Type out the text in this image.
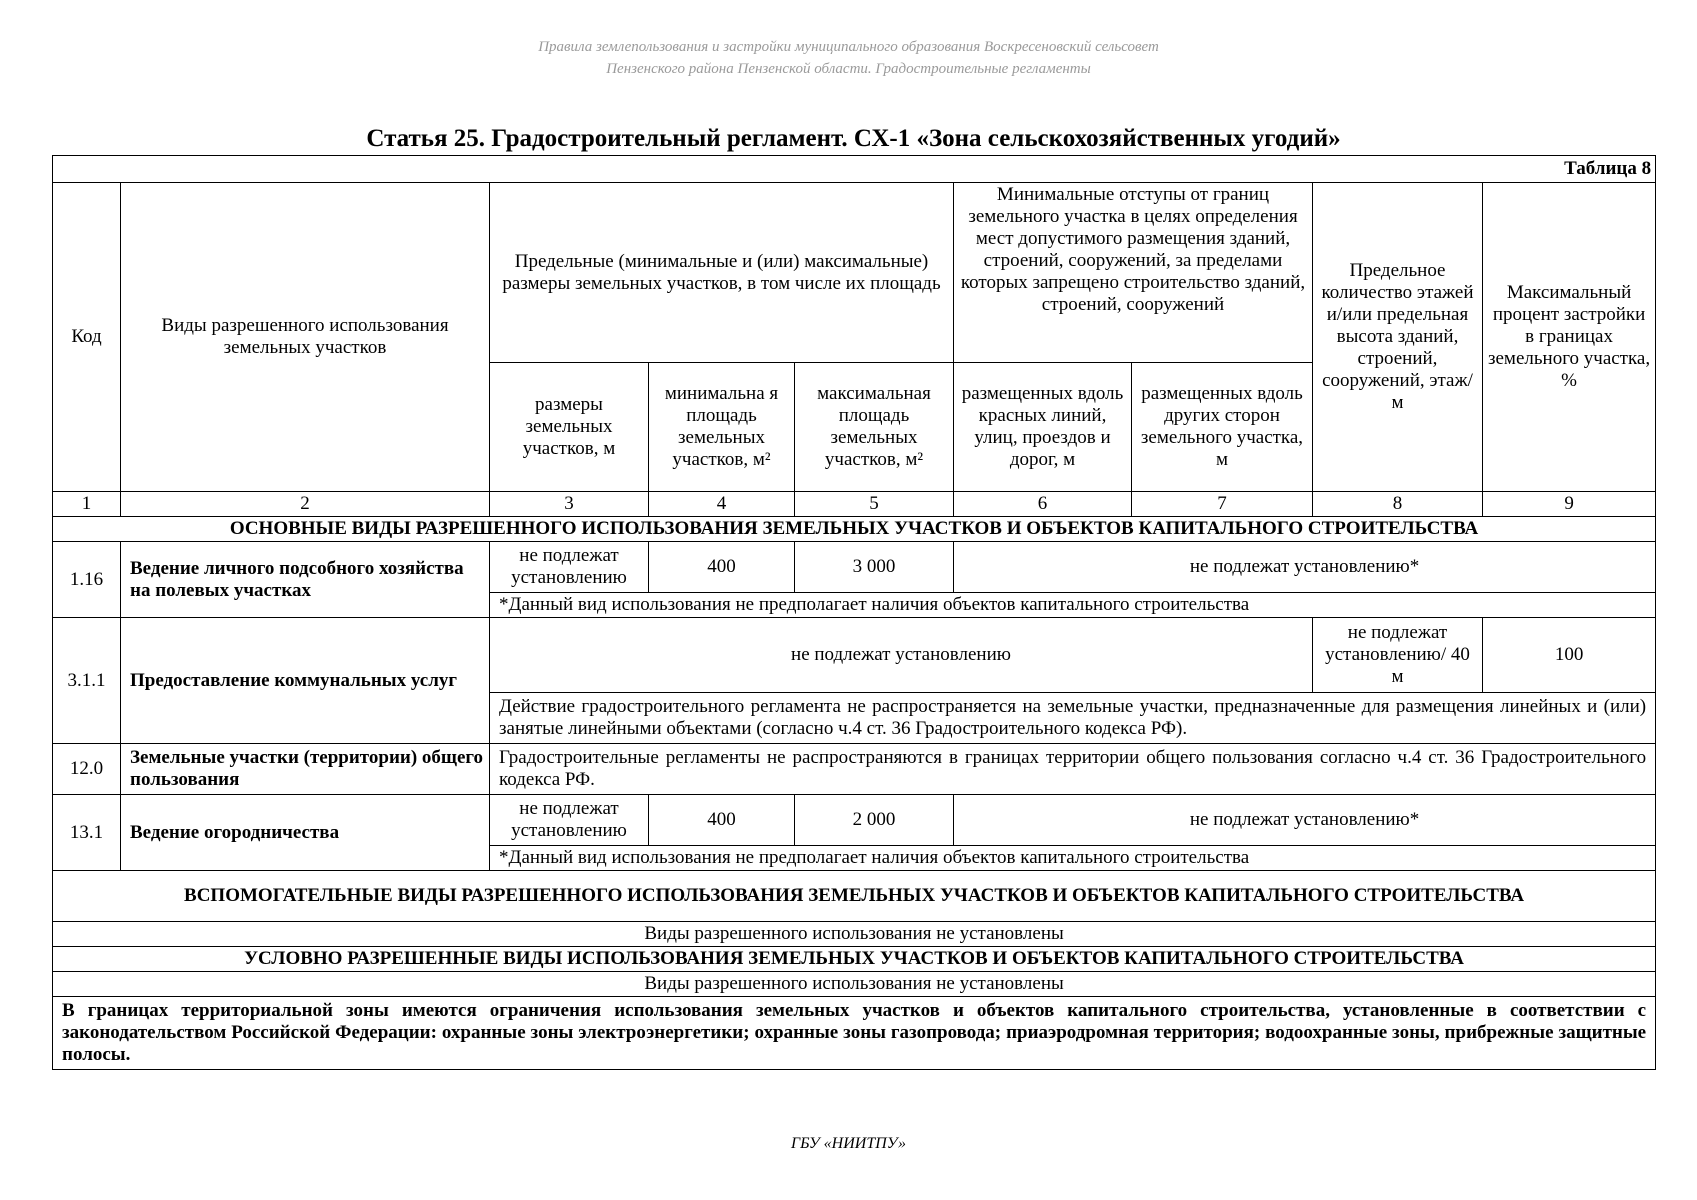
Правила землепользования и застройки муниципального образования Воскресеновский сельсовет
Пензенского района Пензенской области. Градостроительные регламенты
Статья 25. Градостроительный регламент. СХ-1 «Зона сельскохозяйственных угодий»
Таблица 8								
Код	Виды разрешенного использования земельных участков	Предельные (минимальные и (или) максимальные) размеры земельных участков, в том числе их площадь			Минимальные отступы от границ земельного участка в целях определения мест допустимого размещения зданий, строений, сооружений, за пределами которых запрещено строительство зданий, строений, сооружений		Предельное количество этажей и/или предельная высота зданий, строений, сооружений, этаж/м	Максимальный процент застройки в границах земельного участка, %
		размеры земельных участков, м	минимальна я площадь земельных участков, м²	максимальная площадь земельных участков, м²	размещенных вдоль красных линий, улиц, проездов и дорог, м	размещенных вдоль других сторон земельного участка, м		
1	2	3	4	5	6	7	8	9
ОСНОВНЫЕ ВИДЫ РАЗРЕШЕННОГО ИСПОЛЬЗОВАНИЯ ЗЕМЕЛЬНЫХ УЧАСТКОВ И ОБЪЕКТОВ КАПИТАЛЬНОГО СТРОИТЕЛЬСТВА								
1.16	Ведение личного подсобного хозяйства на полевых участках	не подлежат установлению	400	3 000	не подлежат установлению*			
		*Данный вид использования не предполагает наличия объектов капитального строительства						
3.1.1	Предоставление коммунальных услуг	не подлежат установлению					не подлежат установлению/ 40 м	100
		Действие градостроительного регламента не распространяется на земельные участки, предназначенные для размещения линейных и (или) занятые линейными объектами (согласно ч.4 ст. 36 Градостроительного кодекса РФ).						
12.0	Земельные участки (территории) общего пользования	Градостроительные регламенты не распространяются в границах территории общего пользования согласно ч.4 ст. 36 Градостроительного кодекса РФ.						
13.1	Ведение огородничества	не подлежат установлению	400	2 000	не подлежат установлению*			
		*Данный вид использования не предполагает наличия объектов капитального строительства						
ВСПОМОГАТЕЛЬНЫЕ ВИДЫ РАЗРЕШЕННОГО ИСПОЛЬЗОВАНИЯ ЗЕМЕЛЬНЫХ УЧАСТКОВ И ОБЪЕКТОВ КАПИТАЛЬНОГО СТРОИТЕЛЬСТВА								
Виды разрешенного использования не установлены								
УСЛОВНО РАЗРЕШЕННЫЕ ВИДЫ ИСПОЛЬЗОВАНИЯ ЗЕМЕЛЬНЫХ УЧАСТКОВ И ОБЪЕКТОВ КАПИТАЛЬНОГО СТРОИТЕЛЬСТВА								
Виды разрешенного использования не установлены								
В границах территориальной зоны имеются ограничения использования земельных участков и объектов капитального строительства, установленные в соответствии с законодательством Российской Федерации: охранные зоны электроэнергетики; охранные зоны газопровода; приаэродромная территория; водоохранные зоны, прибрежные защитные полосы.								
ГБУ «НИИТПУ»
